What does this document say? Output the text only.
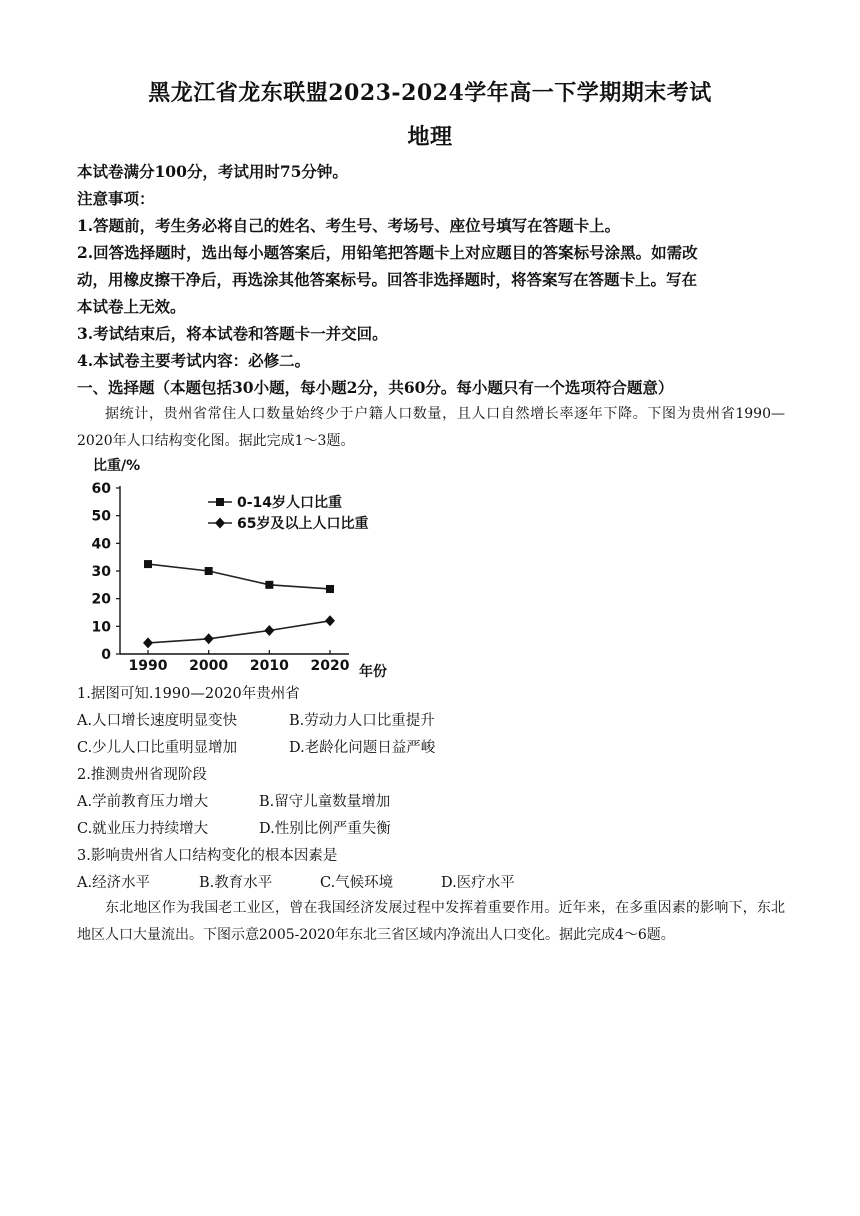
黑龙江省龙东联盟2023-2024学年高一下学期期末考试
地理
本试卷满分100分，考试用时75分钟。
注意事项：
1.答题前，考生务必将自己的姓名、考生号、考场号、座位号填写在答题卡上。
2.回答选择题时，选出每小题答案后，用铅笔把答题卡上对应题目的答案标号涂黑。如需改
动，用橡皮擦干净后，再选涂其他答案标号。回答非选择题时，将答案写在答题卡上。写在
本试卷上无效。
3.考试结束后，将本试卷和答题卡一并交回。
4.本试卷主要考试内容：必修二。
一、选择题（本题包括30小题，每小题2分，共60分。每小题只有一个选项符合题意）
据统计，贵州省常住人口数量始终少于户籍人口数量，且人口自然增长率逐年下降。下图为贵州省1990—2020年人口结构变化图。据此完成1～3题。
比重/%
年份
0
10
20
30
40
50
60
1990 2000 2010 2020
0-14岁人口比重
65岁及以上人口比重
1.据图可知.1990—2020年贵州省
A.人口增长速度明显变快	B.劳动力人口比重提升
C.少儿人口比重明显增加	D.老龄化问题日益严峻
2.推测贵州省现阶段
A.学前教育压力增大	B.留守儿童数量增加
C.就业压力持续增大	D.性别比例严重失衡
3.影响贵州省人口结构变化的根本因素是
A.经济水平	B.教育水平	C.气候环境	D.医疗水平
东北地区作为我国老工业区，曾在我国经济发展过程中发挥着重要作用。近年来，在多重因素的影响下，东北地区人口大量流出。下图示意2005-2020年东北三省区域内净流出人口变化。据此完成4～6题。
